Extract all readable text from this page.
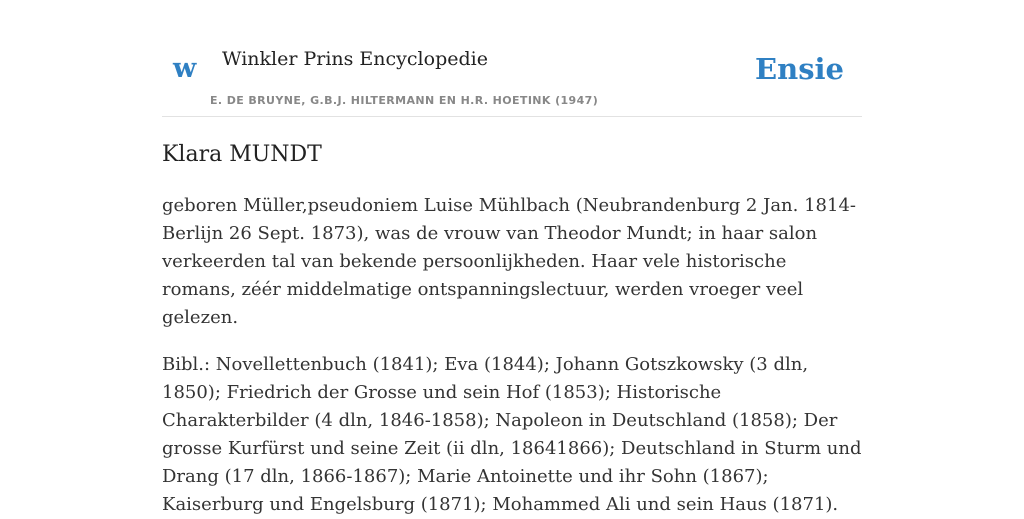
w Winkler Prins Encyclopedie
E. DE BRUYNE, G.B.J. HILTERMANN EN H.R. HOETINK (1947)
Ensie
Klara MUNDT

geboren Müller,pseudoniem Luise Mühlbach (Neubrandenburg 2 Jan. 1814-Berlijn 26 Sept. 1873), was de vrouw van Theodor Mundt; in haar salon verkeerden tal van bekende persoonlijkheden. Haar vele historische romans, zéér middelmatige ontspanningslectuur, werden vroeger veel gelezen.

Bibl.: Novellettenbuch (1841); Eva (1844); Johann Gotszkowsky (3 dln, 1850); Friedrich der Grosse und sein Hof (1853); Historische Charakterbilder (4 dln, 1846-1858); Napoleon in Deutschland (1858); Der grosse Kurfürst und seine Zeit (ii dln, 18641866); Deutschland in Sturm und Drang (17 dln, 1866-1867); Marie Antoinette und ihr Sohn (1867); Kaiserburg und Engelsburg (1871); Mohammed Ali und sein Haus (1871).
